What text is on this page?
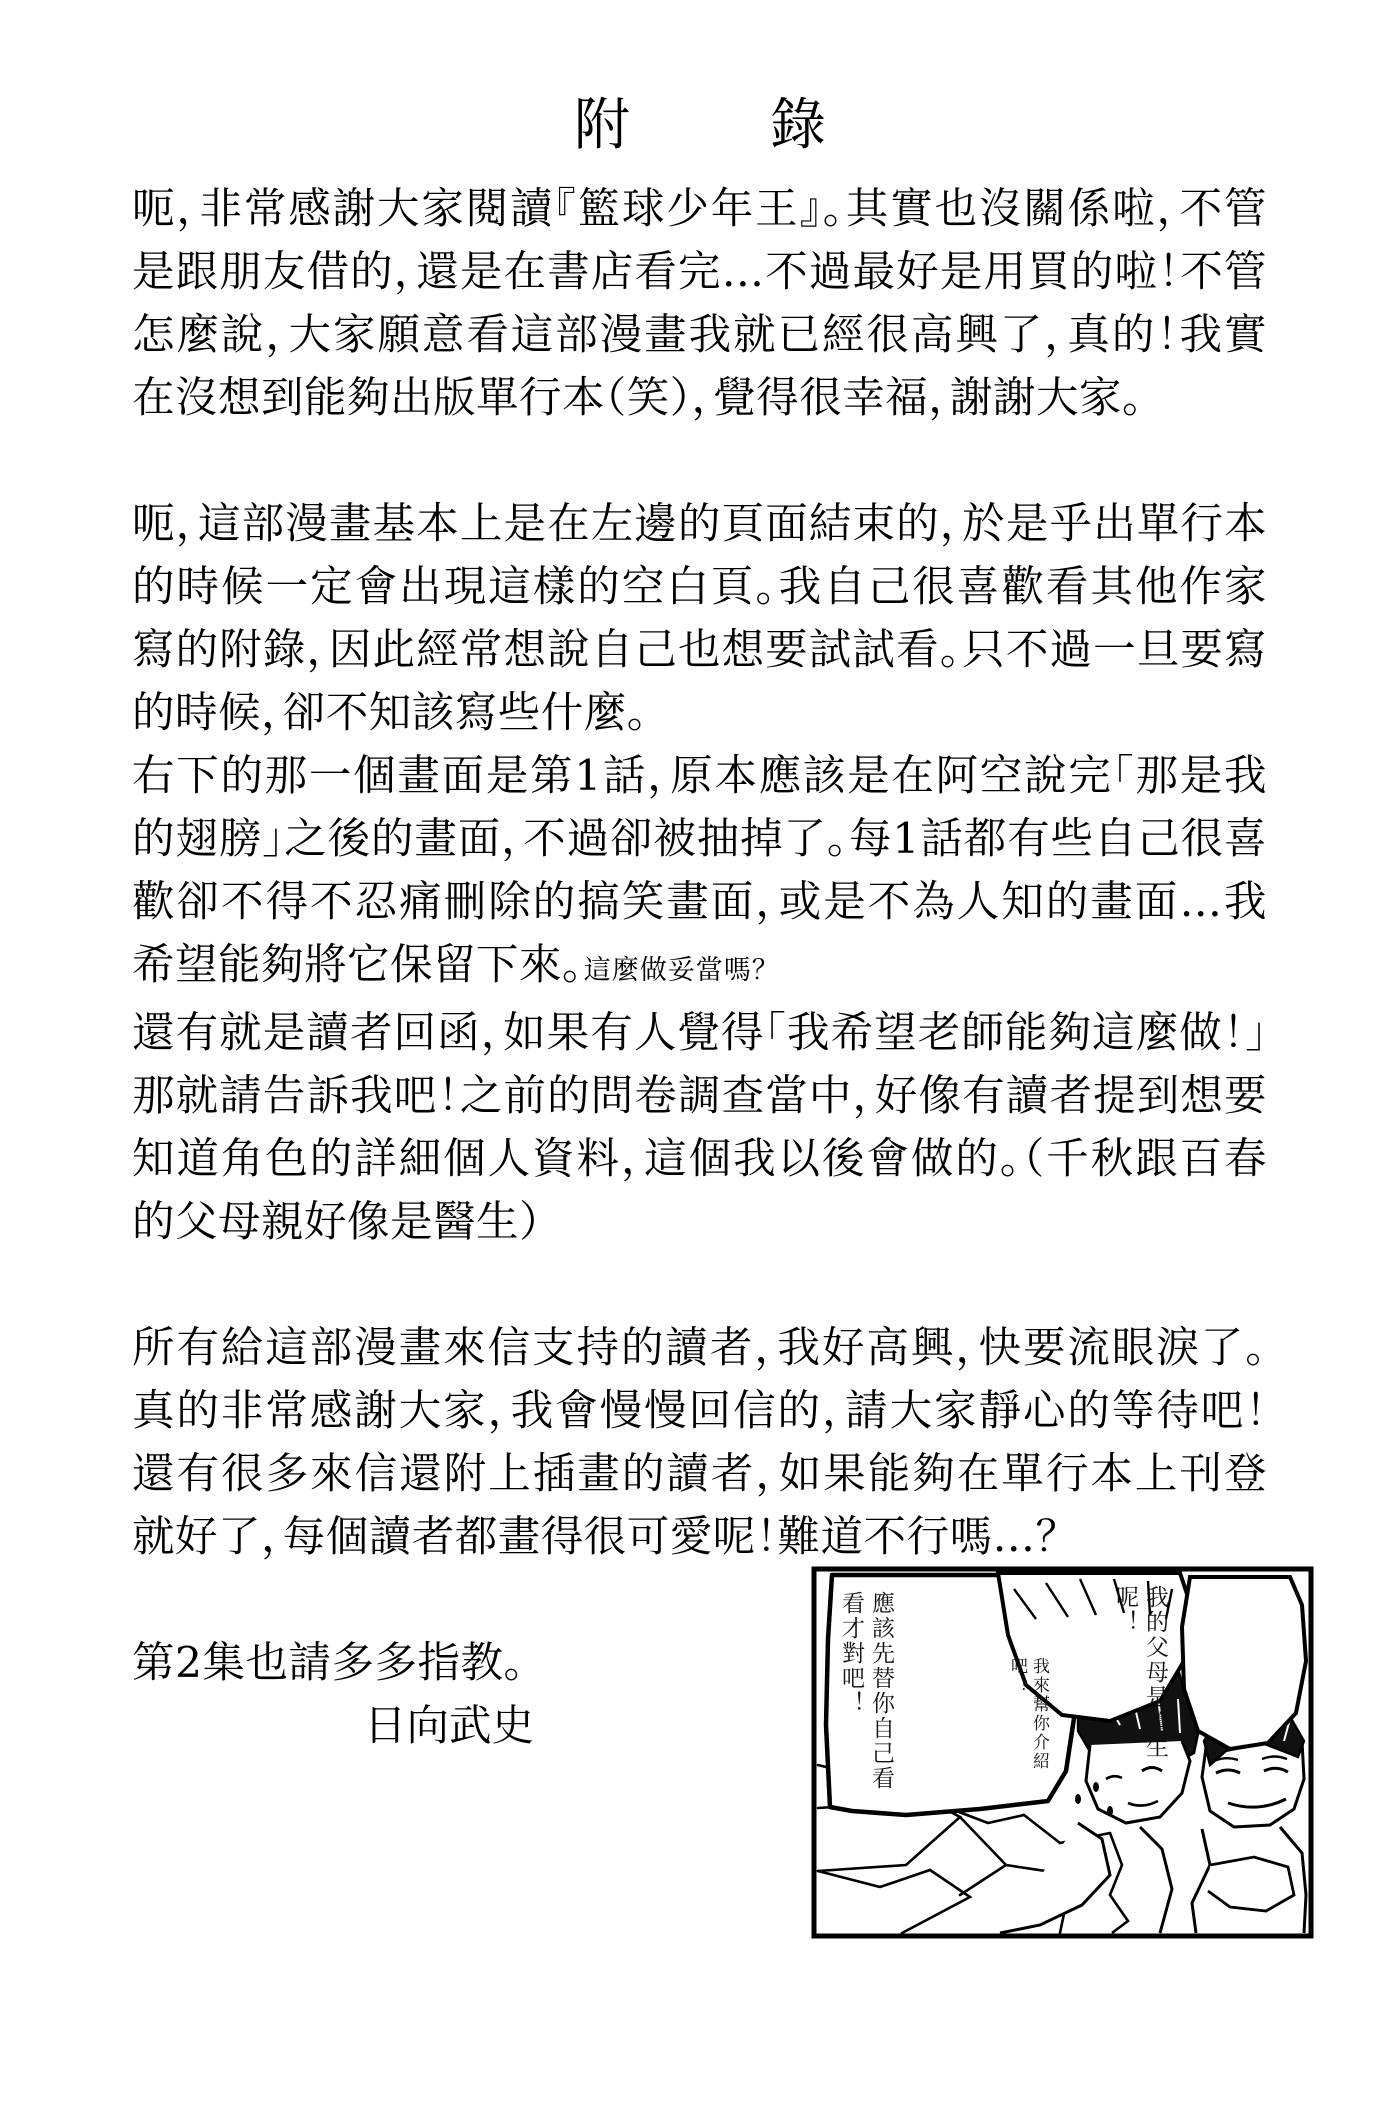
附　錄

呃，非常感謝大家閱讀『籃球少年王』。其實也沒關係啦，不管是跟朋友借的，還是在書店看完…不過最好是用買的啦！不管怎麼說，大家願意看這部漫畫我就已經很高興了，真的！我實在沒想到能夠出版單行本（笑），覺得很幸福，謝謝大家。

呃，這部漫畫基本上是在左邊的頁面結束的，於是乎出單行本的時候一定會出現這樣的空白頁。我自己很喜歡看其他作家寫的附錄，因此經常想說自己也想要試試看。只不過一旦要寫的時候，卻不知該寫些什麼。

右下的那一個畫面是第1話，原本應該是在阿空說完「那是我的翅膀」之後的畫面，不過卻被抽掉了。每1話都有些自己很喜歡卻不得不忍痛刪除的搞笑畫面，或是不為人知的畫面…我希望能夠將它保留下來。這麼做妥當嗎？

還有就是讀者回函，如果有人覺得「我希望老師能夠這麼做！」那就請告訴我吧！之前的問卷調查當中，好像有讀者提到想要知道角色的詳細個人資料，這個我以後會做的。（千秋跟百春的父母親好像是醫生）

所有給這部漫畫來信支持的讀者，我好高興，快要流眼淚了。真的非常感謝大家，我會慢慢回信的，請大家靜心的等待吧！還有很多來信還附上插畫的讀者，如果能夠在單行本上刊登就好了，每個讀者都畫得很可愛呢！難道不行嗎…？

第2集也請多多指教。

日向武史	應該先替你自己看看才對吧！	我來幫你介紹吧！	我的父母是醫生呢！
